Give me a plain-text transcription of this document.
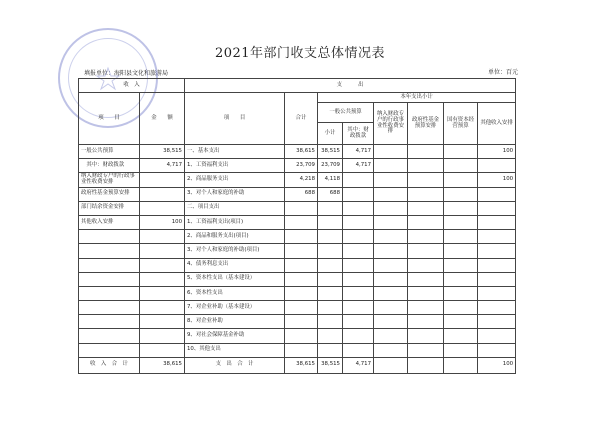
2021年部门收支总体情况表
填报单位：海阳县文化和旅游局	单位：百元
收　入		支　　　出							
项　　目	金　　额	项　　目	合计	本年支出小计					
				一般公共预算		纳入财政专户的行政事业性收费安排	政府性基金预算安排	国有资本经营预算	其他收入安排
				小计	其中：财政拨款				
一般公共预算	38,515	一、基本支出	38,615	38,515	4,717				100
　其中：财政拨款	4,717	1、工资福利支出	23,709	23,709	4,717				
纳入财政专户的行政事业性收费安排		2、商品服务支出	4,218	4,118					100
政府性基金预算安排		3、对个人和家庭的补助	688	688					
部门结余资金安排		二、项目支出							
其他收入安排	100	1、工资福利支出(项目)							
		2、商品和服务支出(项目)							
		3、对个人和家庭的补助(项目)							
		4、债务利息支出							
		5、资本性支出（基本建设）							
		6、资本性支出							
		7、对企业补助（基本建设）							
		8、对企业补助							
		9、对社会保障基金补助							
		10、其他支出							
收　入　合　计	38,615	支　出　合　计	38,615	38,515	4,717				100
